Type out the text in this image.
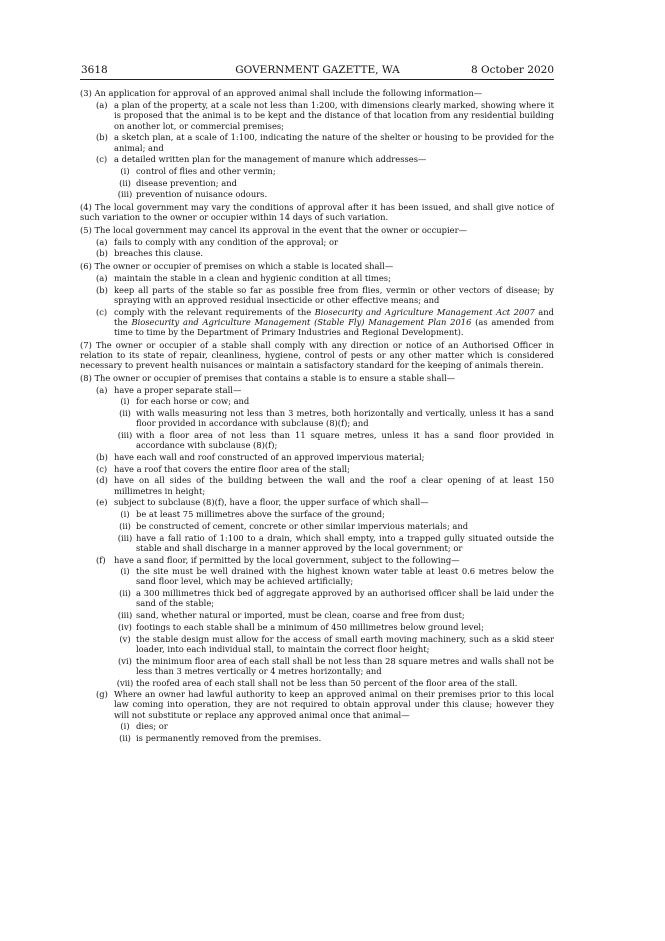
3618	GOVERNMENT GAZETTE, WA	8 October 2020
(3) An application for approval of an approved animal shall include the following information—
(a) a plan of the property, at a scale not less than 1:200, with dimensions clearly marked, showing where it is proposed that the animal is to be kept and the distance of that location from any residential building on another lot, or commercial premises;
(b) a sketch plan, at a scale of 1:100, indicating the nature of the shelter or housing to be provided for the animal; and
(c) a detailed written plan for the management of manure which addresses—
(i) control of flies and other vermin;
(ii) disease prevention; and
(iii) prevention of nuisance odours.
(4) The local government may vary the conditions of approval after it has been issued, and shall give notice of such variation to the owner or occupier within 14 days of such variation.
(5) The local government may cancel its approval in the event that the owner or occupier—
(a) fails to comply with any condition of the approval; or
(b) breaches this clause.
(6) The owner or occupier of premises on which a stable is located shall—
(a) maintain the stable in a clean and hygienic condition at all times;
(b) keep all parts of the stable so far as possible free from flies, vermin or other vectors of disease; by spraying with an approved residual insecticide or other effective means; and
(c) comply with the relevant requirements of the Biosecurity and Agriculture Management Act 2007 and the Biosecurity and Agriculture Management (Stable Fly) Management Plan 2016 (as amended from time to time by the Department of Primary Industries and Regional Development).
(7) The owner or occupier of a stable shall comply with any direction or notice of an Authorised Officer in relation to its state of repair, cleanliness, hygiene, control of pests or any other matter which is considered necessary to prevent health nuisances or maintain a satisfactory standard for the keeping of animals therein.
(8) The owner or occupier of premises that contains a stable is to ensure a stable shall—
(a) have a proper separate stall—
(i) for each horse or cow; and
(ii) with walls measuring not less than 3 metres, both horizontally and vertically, unless it has a sand floor provided in accordance with subclause (8)(f); and
(iii) with a floor area of not less than 11 square metres, unless it has a sand floor provided in accordance with subclause (8)(f);
(b) have each wall and roof constructed of an approved impervious material;
(c) have a roof that covers the entire floor area of the stall;
(d) have on all sides of the building between the wall and the roof a clear opening of at least 150 millimetres in height;
(e) subject to subclause (8)(f), have a floor, the upper surface of which shall—
(i) be at least 75 millimetres above the surface of the ground;
(ii) be constructed of cement, concrete or other similar impervious materials; and
(iii) have a fall ratio of 1:100 to a drain, which shall empty, into a trapped gully situated outside the stable and shall discharge in a manner approved by the local government; or
(f)	have a sand floor, if permitted by the local government, subject to the following—
(i) the site must be well drained with the highest known water table at least 0.6 metres below the sand floor level, which may be achieved artificially;
(ii) a 300 millimetres thick bed of aggregate approved by an authorised officer shall be laid under the sand of the stable;
(iii) sand, whether natural or imported, must be clean, coarse and free from dust;
(iv) footings to each stable shall be a minimum of 450 millimetres below ground level;
(v) the stable design must allow for the access of small earth moving machinery, such as a skid steer loader, into each individual stall, to maintain the correct floor height;
(vi) the minimum floor area of each stall shall be not less than 28 square metres and walls shall not be less than 3 metres vertically or 4 metres horizontally; and
(vii) the roofed area of each stall shall not be less than 50 percent of the floor area of the stall.
(g) Where an owner had lawful authority to keep an approved animal on their premises prior to this local law coming into operation, they are not required to obtain approval under this clause; however they will not substitute or replace any approved animal once that animal—
(i) dies; or
(ii) is permanently removed from the premises.
